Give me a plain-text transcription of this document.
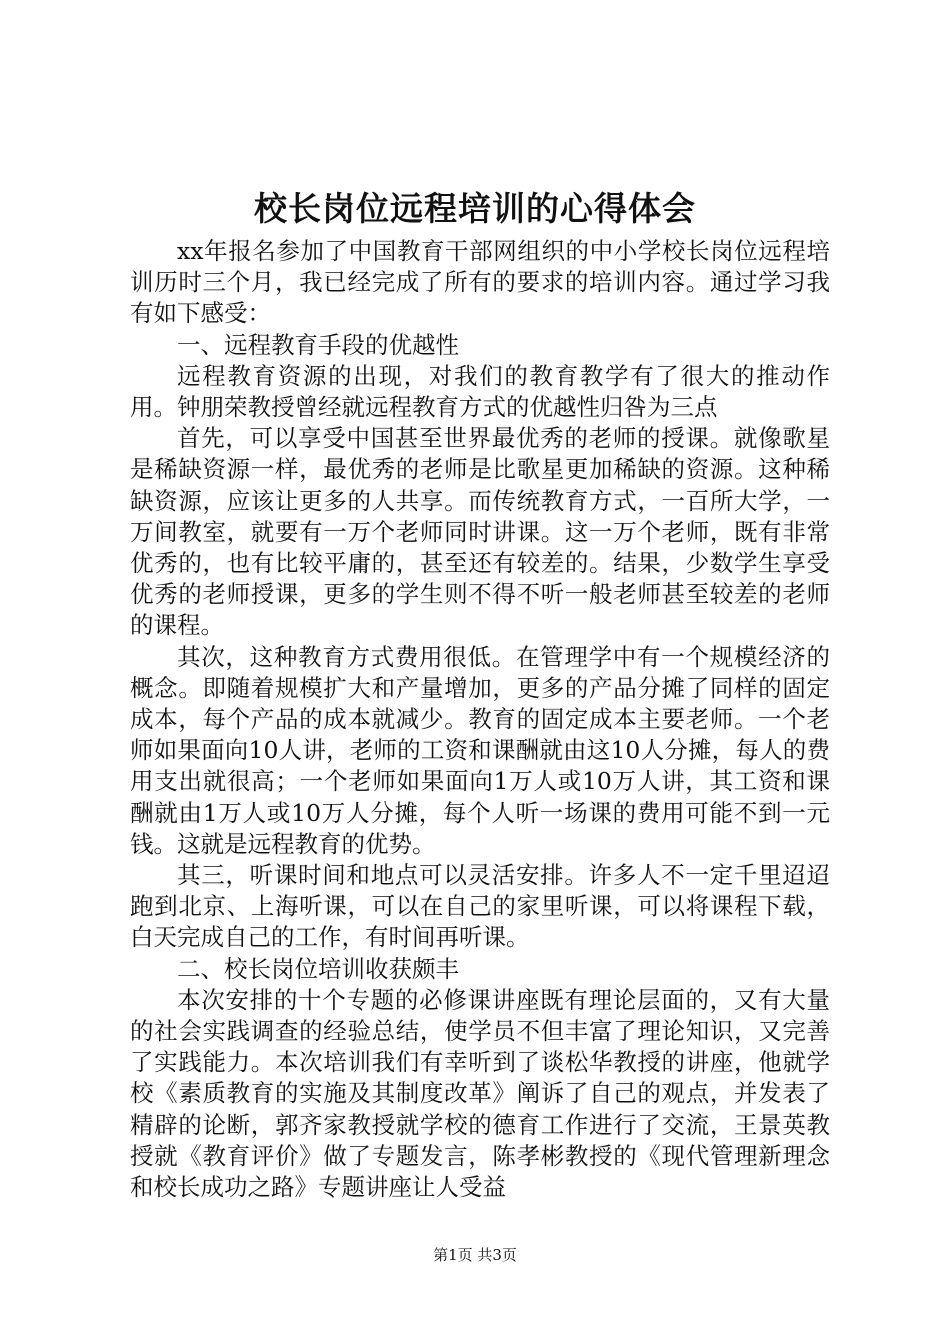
校长岗位远程培训的心得体会

xx年报名参加了中国教育干部网组织的中小学校长岗位远程培训历时三个月，我已经完成了所有的要求的培训内容。通过学习我有如下感受：

一、远程教育手段的优越性

远程教育资源的出现，对我们的教育教学有了很大的推动作用。钟朋荣教授曾经就远程教育方式的优越性归咎为三点

首先，可以享受中国甚至世界最优秀的老师的授课。就像歌星是稀缺资源一样，最优秀的老师是比歌星更加稀缺的资源。这种稀缺资源，应该让更多的人共享。而传统教育方式，一百所大学，一万间教室，就要有一万个老师同时讲课。这一万个老师，既有非常优秀的，也有比较平庸的，甚至还有较差的。结果，少数学生享受优秀的老师授课，更多的学生则不得不听一般老师甚至较差的老师的课程。

其次，这种教育方式费用很低。在管理学中有一个规模经济的概念。即随着规模扩大和产量增加，更多的产品分摊了同样的固定成本，每个产品的成本就减少。教育的固定成本主要老师。一个老师如果面向10人讲，老师的工资和课酬就由这10人分摊，每人的费用支出就很高；一个老师如果面向1万人或10万人讲，其工资和课酬就由1万人或10万人分摊，每个人听一场课的费用可能不到一元钱。这就是远程教育的优势。

其三，听课时间和地点可以灵活安排。许多人不一定千里迢迢跑到北京、上海听课，可以在自己的家里听课，可以将课程下载，白天完成自己的工作，有时间再听课。

二、校长岗位培训收获颇丰

本次安排的十个专题的必修课讲座既有理论层面的，又有大量的社会实践调查的经验总结，使学员不但丰富了理论知识，又完善了实践能力。本次培训我们有幸听到了谈松华教授的讲座，他就学校《素质教育的实施及其制度改革》阐诉了自己的观点，并发表了精辟的论断，郭齐家教授就学校的德育工作进行了交流，王景英教授就《教育评价》做了专题发言，陈孝彬教授的《现代管理新理念和校长成功之路》专题讲座让人受益

第1页 共3页
